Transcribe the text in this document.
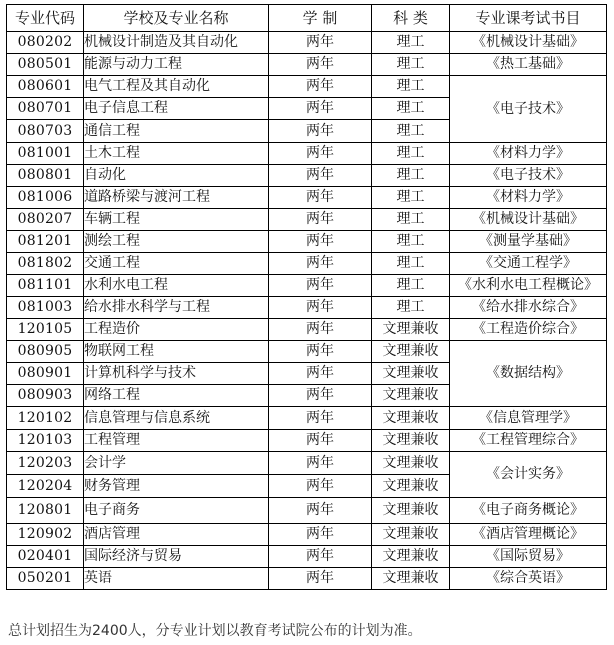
专业代码	学校及专业名称	学 制	科 类	专业课考试书目
080202	机械设计制造及其自动化	两年	理工	《机械设计基础》
080501	能源与动力工程	两年	理工	《热工基础》
080601	电气工程及其自动化	两年	理工	《电子技术》
080701	电子信息工程	两年	理工	
080703	通信工程	两年	理工	
081001	土木工程	两年	理工	《材料力学》
080801	自动化	两年	理工	《电子技术》
081006	道路桥梁与渡河工程	两年	理工	《材料力学》
080207	车辆工程	两年	理工	《机械设计基础》
081201	测绘工程	两年	理工	《测量学基础》
081802	交通工程	两年	理工	《交通工程学》
081101	水利水电工程	两年	理工	《水利水电工程概论》
081003	给水排水科学与工程	两年	理工	《给水排水综合》
120105	工程造价	两年	文理兼收	《工程造价综合》
080905	物联网工程	两年	文理兼收	《数据结构》
080901	计算机科学与技术	两年	文理兼收	
080903	网络工程	两年	文理兼收	
120102	信息管理与信息系统	两年	文理兼收	《信息管理学》
120103	工程管理	两年	文理兼收	《工程管理综合》
120203	会计学	两年	文理兼收	《会计实务》
120204	财务管理	两年	文理兼收	
120801	电子商务	两年	文理兼收	《电子商务概论》
120902	酒店管理	两年	文理兼收	《酒店管理概论》
020401	国际经济与贸易	两年	文理兼收	《国际贸易》
050201	英语	两年	文理兼收	《综合英语》
总计划招生为2400人，分专业计划以教育考试院公布的计划为准。
